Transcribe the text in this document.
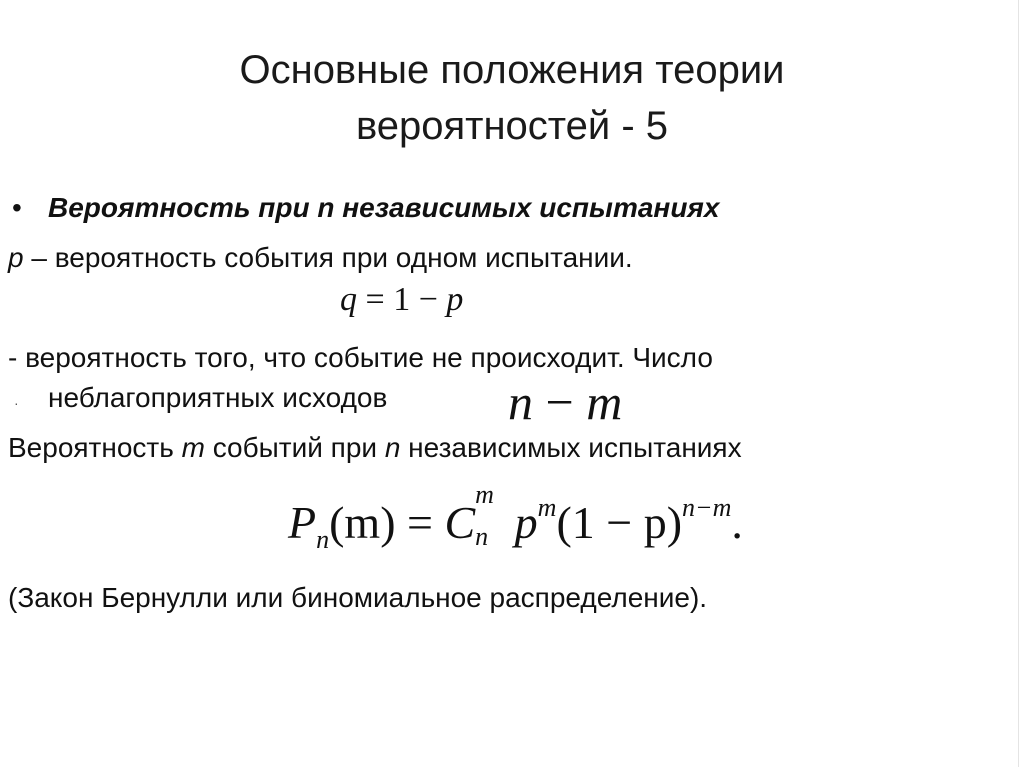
Основные положения теории
вероятностей - 5
• Вероятность при n независимых испытаниях
p – вероятность события при одном испытании.
q = 1 − p
- вероятность того, что событие не происходит. Число
· неблагоприятных исходов n − m
Вероятность m событий при n независимых испытаниях
$P_n(m) = C$
m
n $p^m(1 - p)^{n-m}$.
(Закон Бернулли или биномиальное распределение).
